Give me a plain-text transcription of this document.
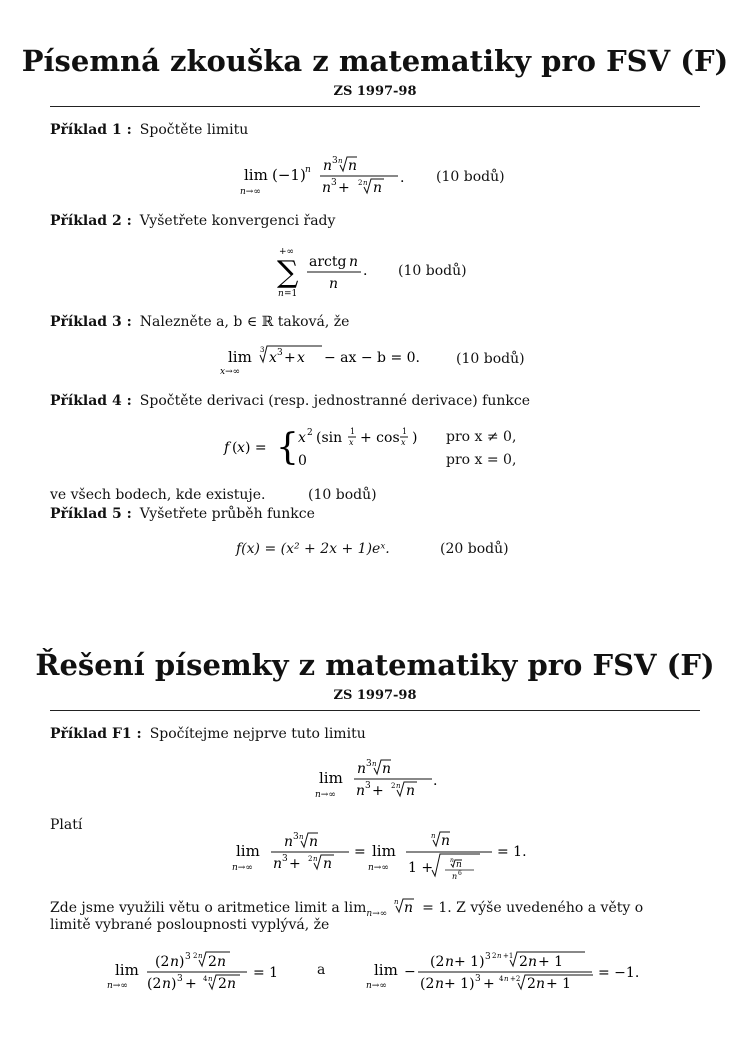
Písemná zkouška z matematiky pro FSV (F)
ZS 1997-98
Příklad 1 : Spočtěte limitu
lim
n→∞
(−1) n n 3 n n
n 3 + 2 n n
. (10 bodů)
Příklad 2 : Vyšetřete konvergenci řady
+∞
∑
n =1
arctg n
n
. (10 bodů)
Příklad 3 : Nalezněte a, b ∈ ℝ taková, že
lim
x→∞
3 x 3 + x − ax − b = 0.	(10 bodů)
Příklad 4 : Spočtěte derivaci (resp. jednostranné derivace) funkce
f ( x ) = { x 2 (sin 1
x + cos 1
x )
0
pro x ≠ 0,
pro x = 0,
ve všech bodech, kde existuje.	(10 bodů)
Příklad 5 : Vyšetřete průběh funkce
f(x) = (x² + 2x + 1)eˣ.	(20 bodů)
Řešení písemky z matematiky pro FSV (F)
ZS 1997-98
Příklad F1 : Spočítejme nejprve tuto limitu
lim
n→∞
n 3 n n
n 3 + 2 n n
.
Platí
lim
n→∞
n 3 n n
n 3 + 2 n n
= lim
n→∞
n n
1 +	n n
n 6
= 1.
Zde jsme využili větu o aritmetice limit a $\lim_{n\to\infty}$
n n = 1. Z výše uvedeného a věty o
limitě vybrané posloupnosti vyplývá, že
lim
n→∞
(2 n ) 3 2 n 2 n
(2 n ) 3 + 4 n 2 n
= 1	a	lim
n→∞
−
(2 n + 1) 3 2 n +1 2 n + 1
(2 n + 1) 3 + 4 n +2 2 n + 1
= −1.
